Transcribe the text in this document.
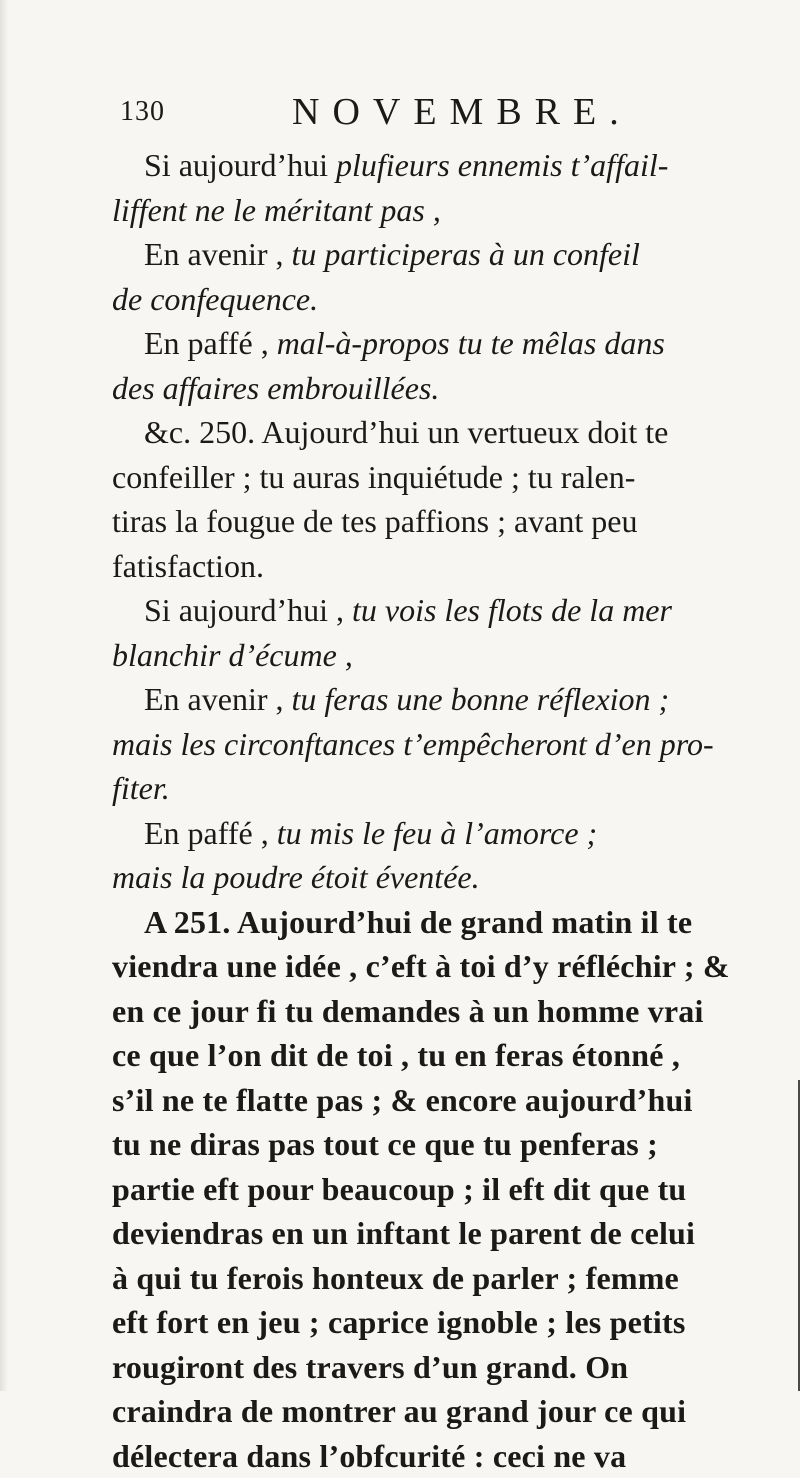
130	NOVEMBRE.
Si aujourd’hui plufieurs ennemis t’affail-
liffent ne le méritant pas ,
En avenir , tu participeras à un confeil
de confequence.
En paffé , mal-à-propos tu te mêlas dans
des affaires embrouillées.
&c. 250. Aujourd’hui un vertueux doit te
confeiller ; tu auras inquiétude ; tu ralen-
tiras la fougue de tes paffions ; avant peu
fatisfaction.
Si aujourd’hui , tu vois les flots de la mer
blanchir d’écume ,
En avenir , tu feras une bonne réflexion ;
mais les circonftances t’empêcheront d’en pro-
fiter.
En paffé , tu mis le feu à l’amorce ;
mais la poudre étoit éventée.
A 251. Aujourd’hui de grand matin il te
viendra une idée , c’eft à toi d’y réfléchir ; &
en ce jour fi tu demandes à un homme vrai
ce que l’on dit de toi , tu en feras étonné ,
s’il ne te flatte pas ; & encore aujourd’hui
tu ne diras pas tout ce que tu penferas ;
partie eft pour beaucoup ; il eft dit que tu
deviendras en un inftant le parent de celui
à qui tu ferois honteux de parler ; femme
eft fort en jeu ; caprice ignoble ; les petits
rougiront des travers d’un grand. On
craindra de montrer au grand jour ce qui
délectera dans l’obfcurité : ceci ne va
